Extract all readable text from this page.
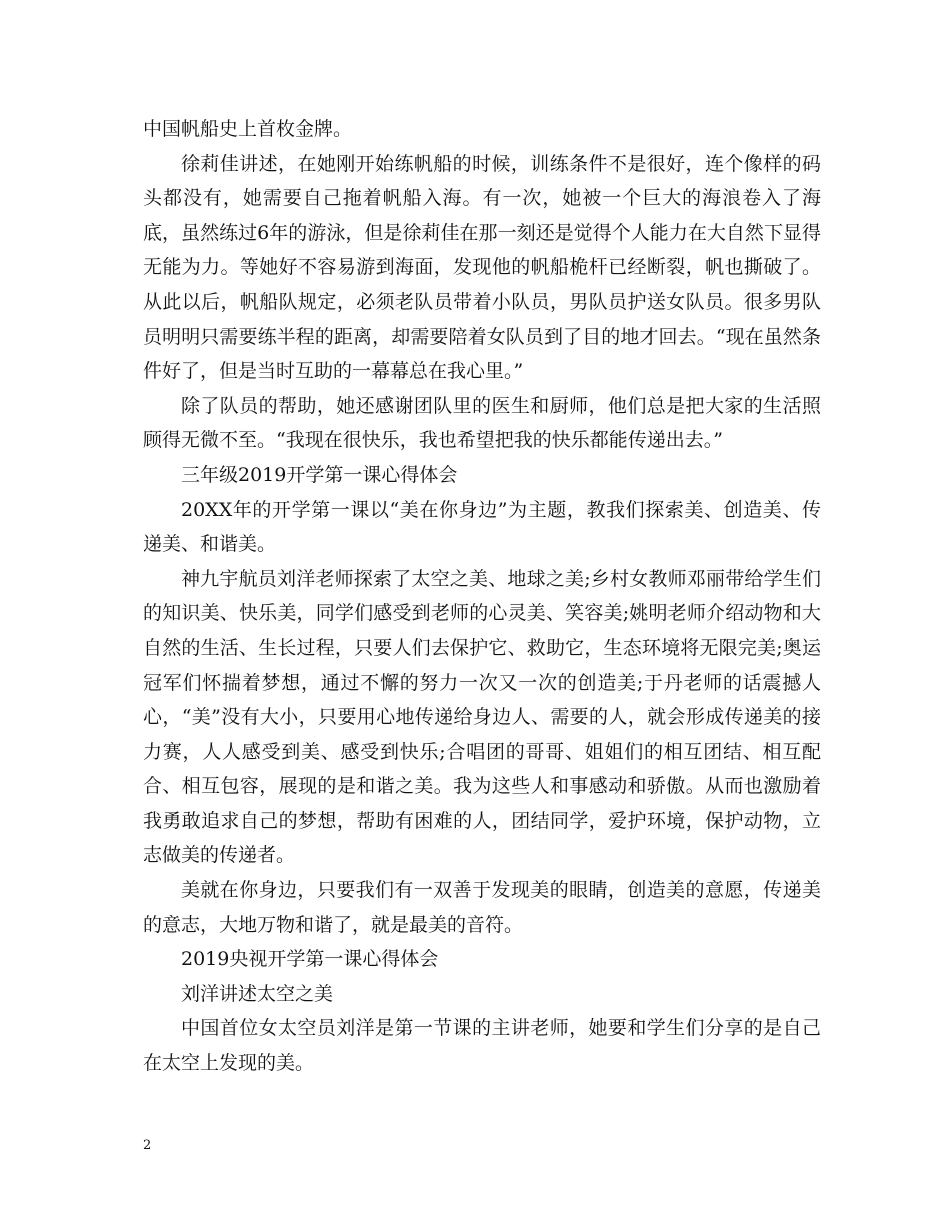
中国帆船史上首枚金牌。

徐莉佳讲述，在她刚开始练帆船的时候，训练条件不是很好，连个像样的码头都没有，她需要自己拖着帆船入海。有一次，她被一个巨大的海浪卷入了海底，虽然练过6年的游泳，但是徐莉佳在那一刻还是觉得个人能力在大自然下显得无能为力。等她好不容易游到海面，发现他的帆船桅杆已经断裂，帆也撕破了。从此以后，帆船队规定，必须老队员带着小队员，男队员护送女队员。很多男队员明明只需要练半程的距离，却需要陪着女队员到了目的地才回去。“现在虽然条件好了，但是当时互助的一幕幕总在我心里。”

除了队员的帮助，她还感谢团队里的医生和厨师，他们总是把大家的生活照顾得无微不至。“我现在很快乐，我也希望把我的快乐都能传递出去。”

三年级2019开学第一课心得体会

20XX年的开学第一课以“美在你身边”为主题，教我们探索美、创造美、传递美、和谐美。

神九宇航员刘洋老师探索了太空之美、地球之美;乡村女教师邓丽带给学生们的知识美、快乐美，同学们感受到老师的心灵美、笑容美;姚明老师介绍动物和大自然的生活、生长过程，只要人们去保护它、救助它，生态环境将无限完美;奥运冠军们怀揣着梦想，通过不懈的努力一次又一次的创造美;于丹老师的话震撼人心，“美”没有大小，只要用心地传递给身边人、需要的人，就会形成传递美的接力赛，人人感受到美、感受到快乐;合唱团的哥哥、姐姐们的相互团结、相互配合、相互包容，展现的是和谐之美。我为这些人和事感动和骄傲。从而也激励着我勇敢追求自己的梦想，帮助有困难的人，团结同学，爱护环境，保护动物，立志做美的传递者。

美就在你身边，只要我们有一双善于发现美的眼睛，创造美的意愿，传递美的意志，大地万物和谐了，就是最美的音符。

2019央视开学第一课心得体会

刘洋讲述太空之美

中国首位女太空员刘洋是第一节课的主讲老师，她要和学生们分享的是自己在太空上发现的美。

2
